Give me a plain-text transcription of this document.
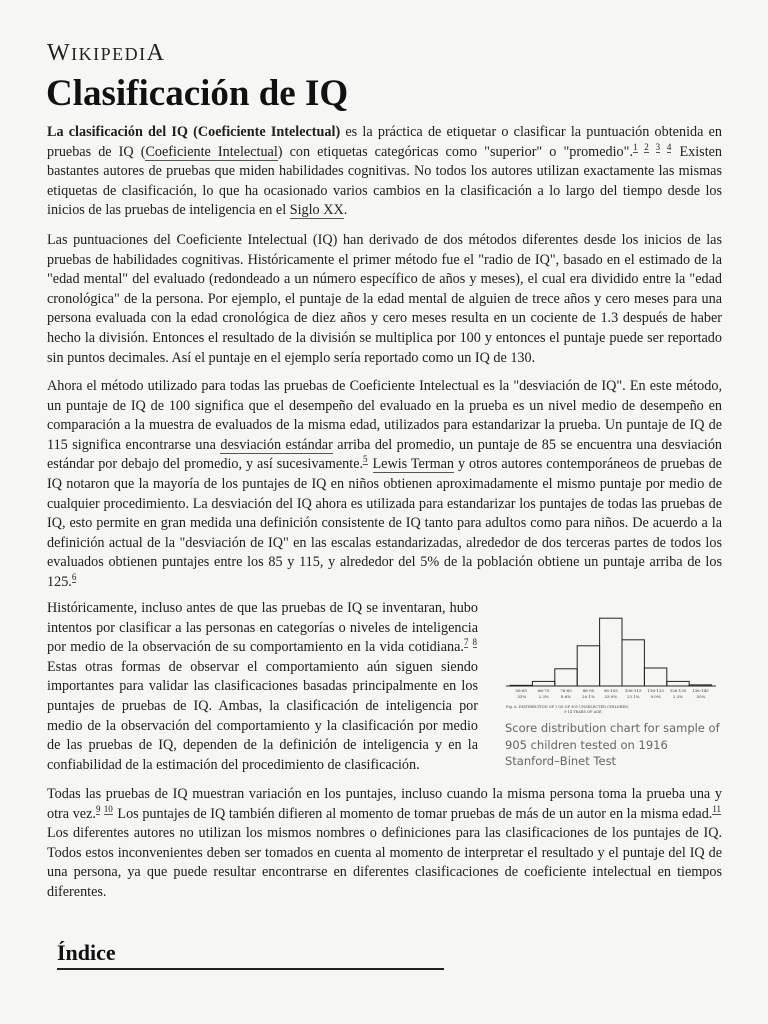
WIKIPEDIA
Clasificación de IQ

La clasificación del IQ (Coeficiente Intelectual) es la práctica de etiquetar o clasificar la puntuación obtenida en pruebas de IQ (Coeficiente Intelectual) con etiquetas categóricas como "superior" o "promedio".$^{1 2 3 4}$ Existen bastantes autores de pruebas que miden habilidades cognitivas. No todos los autores utilizan exactamente las mismas etiquetas de clasificación, lo que ha ocasionado varios cambios en la clasificación a lo largo del tiempo desde los inicios de las pruebas de inteligencia en el Siglo XX.

Las puntuaciones del Coeficiente Intelectual (IQ) han derivado de dos métodos diferentes desde los inicios de las pruebas de habilidades cognitivas. Históricamente el primer método fue el "radio de IQ", basado en el estimado de la "edad mental" del evaluado (redondeado a un número específico de años y meses), el cual era dividido entre la "edad cronológica" de la persona. Por ejemplo, el puntaje de la edad mental de alguien de trece años y cero meses para una persona evaluada con la edad cronológica de diez años y cero meses resulta en un cociente de 1.3 después de haber hecho la división. Entonces el resultado de la división se multiplica por 100 y entonces el puntaje puede ser reportado sin puntos decimales. Así el puntaje en el ejemplo sería reportado como un IQ de 130.

Ahora el método utilizado para todas las pruebas de Coeficiente Intelectual es la "desviación de IQ". En este método, un puntaje de IQ de 100 significa que el desempeño del evaluado en la prueba es un nivel medio de desempeño en comparación a la muestra de evaluados de la misma edad, utilizados para estandarizar la prueba. Un puntaje de IQ de 115 significa encontrarse una desviación estándar arriba del promedio, un puntaje de 85 se encuentra una desviación estándar por debajo del promedio, y así sucesivamente.$^5$ Lewis Terman y otros autores contemporáneos de pruebas de IQ notaron que la mayoría de los puntajes de IQ en niños obtienen aproximadamente el mismo puntaje por medio de cualquier procedimiento. La desviación del IQ ahora es utilizada para estandarizar los puntajes de todas las pruebas de IQ, esto permite en gran medida una definición consistente de IQ tanto para adultos como para niños. De acuerdo a la definición actual de la "desviación de IQ" en las escalas estandarizadas, alrededor de dos terceras partes de todos los evaluados obtienen puntajes entre los 85 y 115, y alrededor del 5% de la población obtiene un puntaje arriba de los 125.$^6$

Históricamente, incluso antes de que las pruebas de IQ se inventaran, hubo intentos por clasificar a las personas en categorías o niveles de inteligencia por medio de la observación de su comportamiento en la vida cotidiana.$^{7 8}$ Estas otras formas de observar el comportamiento aún siguen siendo importantes para validar las clasificaciones basadas principalmente en los puntajes de pruebas de IQ. Ambas, la clasificación de inteligencia por medio de la observación del comportamiento y la clasificación por medio de las pruebas de IQ, dependen de la definición de inteligencia y en la confiabilidad de la estimación del procedimiento de clasificación.

56-65	66-75	76-85	86-95 96-105 106-115 116-125 126-135 136-145
.33%	2.3%	8.6%	20.1% 33.9% 23.1%	9.0%	2.3%	.55%
Fig. 6. DISTRIBUTION OF I QS OF 905 UNSELECTED CHILDREN,
5-14 YEARS OF AGE
Score distribution chart for sample of 905 children tested on 1916 Stanford–Binet Test

Todas las pruebas de IQ muestran variación en los puntajes, incluso cuando la misma persona toma la prueba una y otra vez.$^{9 10}$ Los puntajes de IQ también difieren al momento de tomar pruebas de más de un autor en la misma edad.$^{11}$ Los diferentes autores no utilizan los mismos nombres o definiciones para las clasificaciones de los puntajes de IQ. Todos estos inconvenientes deben ser tomados en cuenta al momento de interpretar el resultado y el puntaje del IQ de una persona, ya que puede resultar encontrarse en diferentes clasificaciones de coeficiente intelectual en tiempos diferentes.

Índice
